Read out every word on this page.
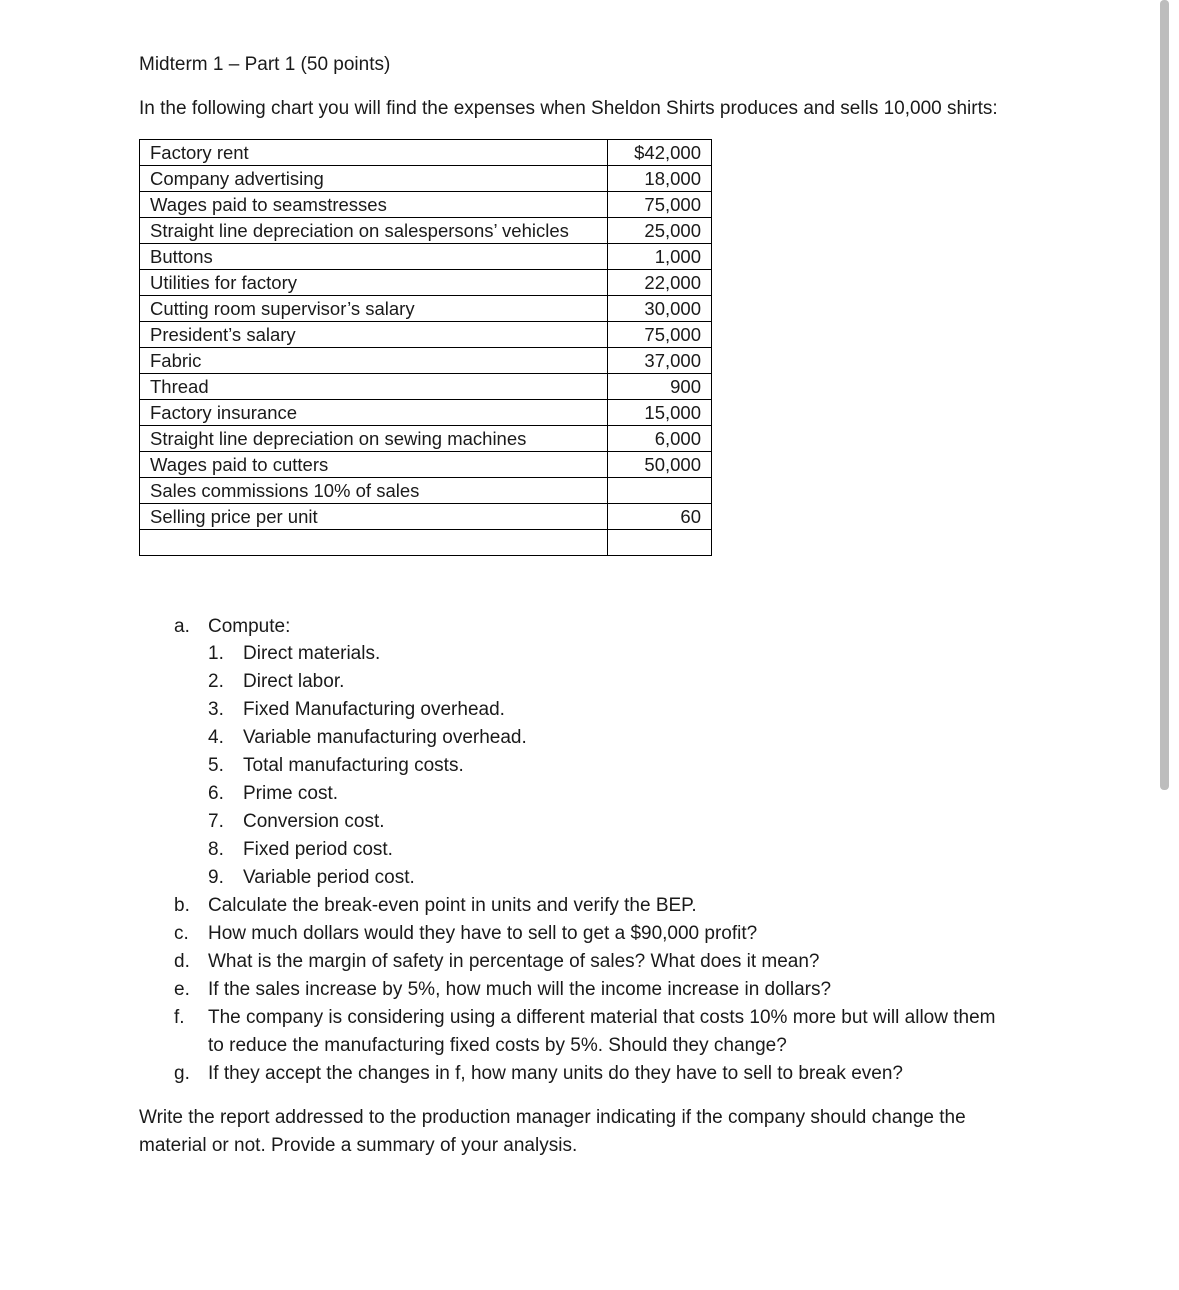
Midterm 1 – Part 1 (50 points)
In the following chart you will find the expenses when Sheldon Shirts produces and sells 10,000 shirts:
Factory rent	$42,000
Company advertising	18,000
Wages paid to seamstresses	75,000
Straight line depreciation on salespersons’ vehicles	25,000
Buttons	1,000
Utilities for factory	22,000
Cutting room supervisor’s salary	30,000
President’s salary	75,000
Fabric	37,000
Thread	900
Factory insurance	15,000
Straight line depreciation on sewing machines	6,000
Wages paid to cutters	50,000
Sales commissions 10% of sales	
Selling price per unit	60

a. Compute:
1. Direct materials.
2. Direct labor.
3. Fixed Manufacturing overhead.
4. Variable manufacturing overhead.
5. Total manufacturing costs.
6. Prime cost.
7. Conversion cost.
8. Fixed period cost.
9. Variable period cost.
b. Calculate the break-even point in units and verify the BEP.
c. How much dollars would they have to sell to get a $90,000 profit?
d. What is the margin of safety in percentage of sales? What does it mean?
e. If the sales increase by 5%, how much will the income increase in dollars?
f. The company is considering using a different material that costs 10% more but will allow them
to reduce the manufacturing fixed costs by 5%. Should they change?
g. If they accept the changes in f, how many units do they have to sell to break even?
Write the report addressed to the production manager indicating if the company should change the material or not. Provide a summary of your analysis.
